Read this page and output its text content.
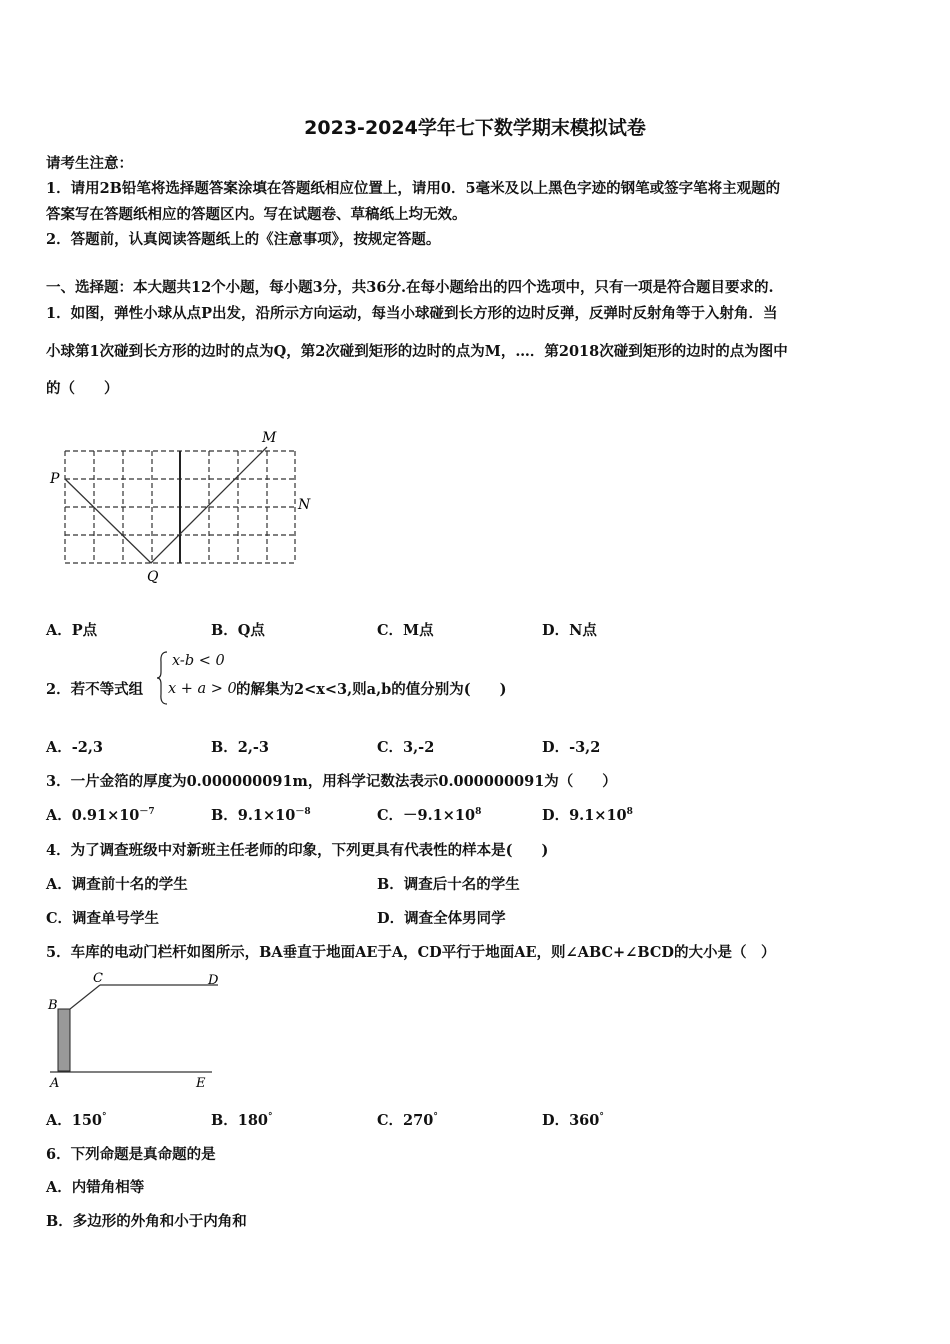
2023-2024学年七下数学期末模拟试卷
请考生注意：
1．请用2B铅笔将选择题答案涂填在答题纸相应位置上，请用0．5毫米及以上黑色字迹的钢笔或签字笔将主观题的
答案写在答题纸相应的答题区内。写在试题卷、草稿纸上均无效。
2．答题前，认真阅读答题纸上的《注意事项》，按规定答题。
一、选择题：本大题共12个小题，每小题3分，共36分.在每小题给出的四个选项中，只有一项是符合题目要求的.
1．如图，弹性小球从点P出发，沿所示方向运动，每当小球碰到长方形的边时反弹，反弹时反射角等于入射角．当
小球第1次碰到长方形的边时的点为Q，第2次碰到矩形的边时的点为M，…．第2018次碰到矩形的边时的点为图中
的（　　）
P
Q
M
N
A．P点	B．Q点	C．M点	D．N点
2．若不等式组
x-b < 0
x + a > 0 的解集为2<x<3,则a,b的值分别为(　　)
A．-2,3	B．2,-3	C．3,-2	D．-3,2
3．一片金箔的厚度为0.000000091m，用科学记数法表示0.000000091为（　　）
A．$0.91\times 10^{-7}$	B．$9.1\times 10^{-8}$	C．$-9.1\times 10^8$	D．$9.1\times 10^8$
4．为了调查班级中对新班主任老师的印象，下列更具有代表性的样本是(　　)
A．调查前十名的学生	B．调查后十名的学生
C．调查单号学生	D．调查全体男同学
5．车库的电动门栏杆如图所示，BA垂直于地面AE于A，CD平行于地面AE，则∠ABC+∠BCD的大小是（　）
B
C	D
A	E
A．150°	B．180°	C．270°	D．360°
6．下列命题是真命题的是
A．内错角相等
B．多边形的外角和小于内角和
